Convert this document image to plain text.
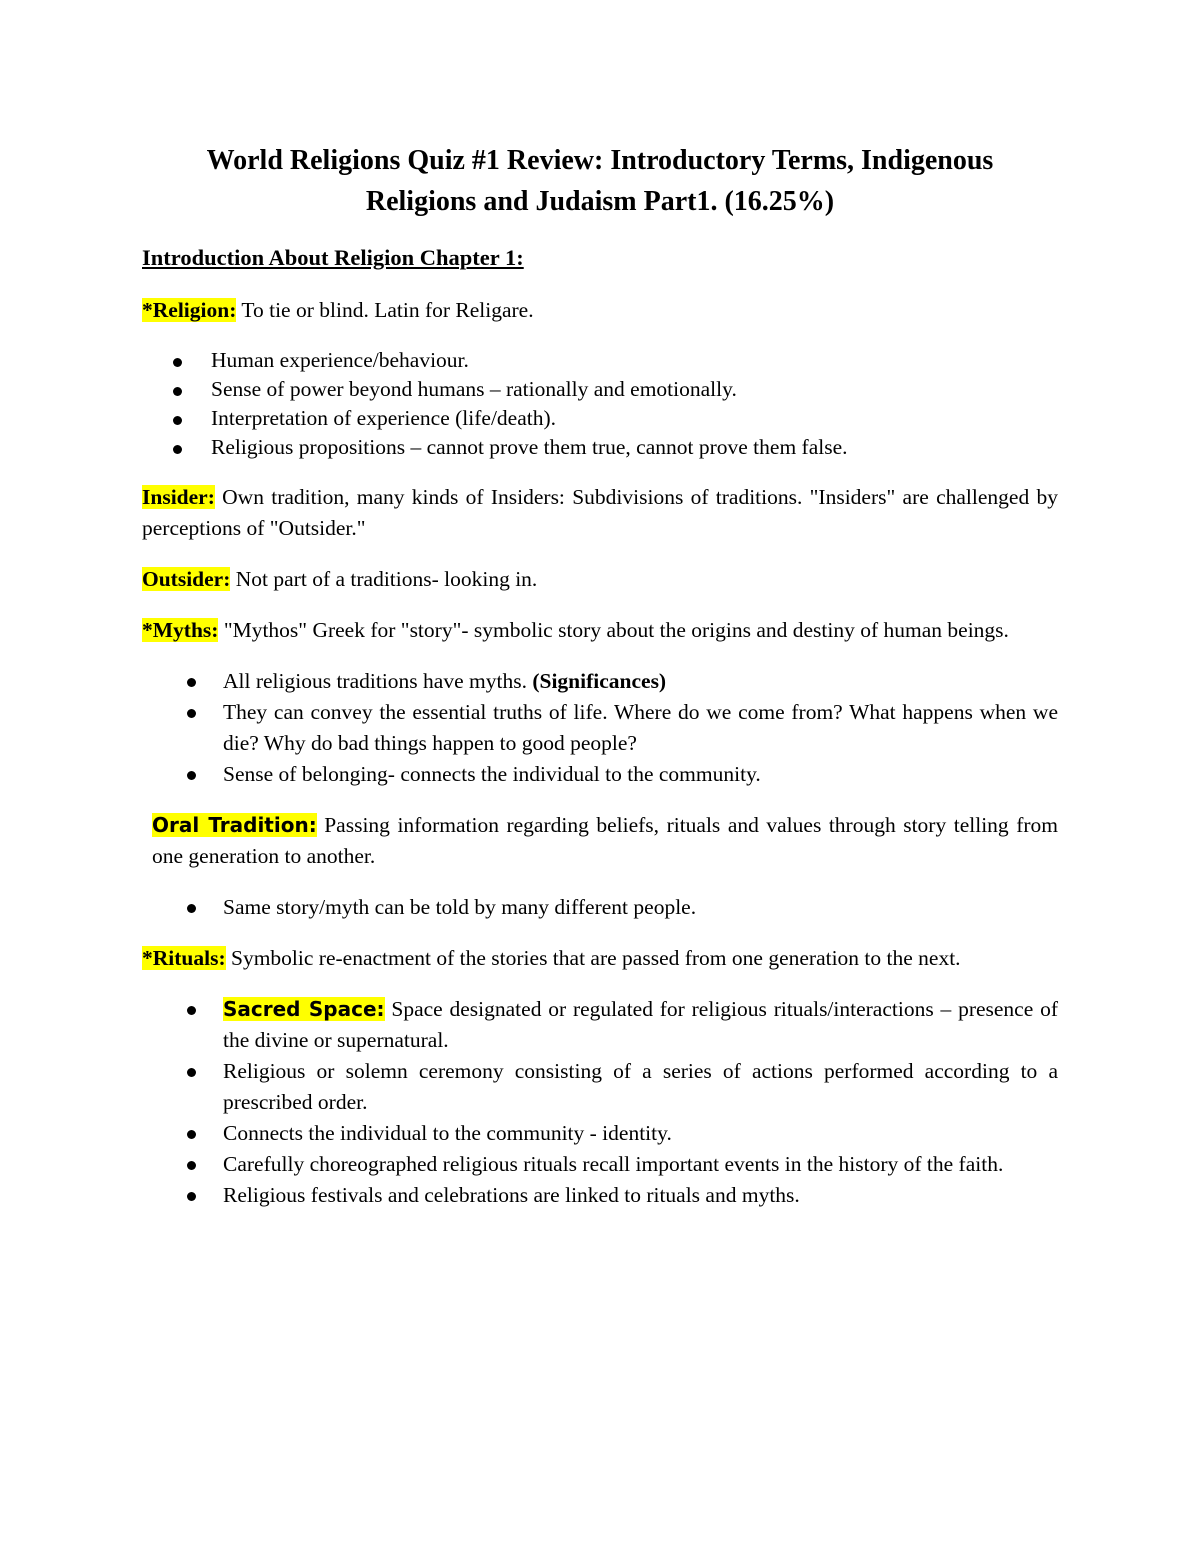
World Religions Quiz #1 Review: Introductory Terms, Indigenous
Religions and Judaism Part1. (16.25%)
Introduction About Religion Chapter 1:

*Religion: To tie or blind. Latin for Religare.

Human experience/behaviour.
Sense of power beyond humans – rationally and emotionally.
Interpretation of experience (life/death).
Religious propositions – cannot prove them true, cannot prove them false.

Insider: Own tradition, many kinds of Insiders: Subdivisions of traditions. "Insiders" are challenged by perceptions of "Outsider."

Outsider: Not part of a traditions- looking in.

*Myths: "Mythos" Greek for "story"- symbolic story about the origins and destiny of human beings.

All religious traditions have myths. (Significances)
They can convey the essential truths of life. Where do we come from? What happens when we die? Why do bad things happen to good people?
Sense of belonging- connects the individual to the community.

Oral Tradition: Passing information regarding beliefs, rituals and values through story telling from one generation to another.

Same story/myth can be told by many different people.

*Rituals: Symbolic re-enactment of the stories that are passed from one generation to the next.

Sacred Space: Space designated or regulated for religious rituals/interactions – presence of the divine or supernatural.
Religious or solemn ceremony consisting of a series of actions performed according to a prescribed order.
Connects the individual to the community - identity.
Carefully choreographed religious rituals recall important events in the history of the faith.
Religious festivals and celebrations are linked to rituals and myths.
